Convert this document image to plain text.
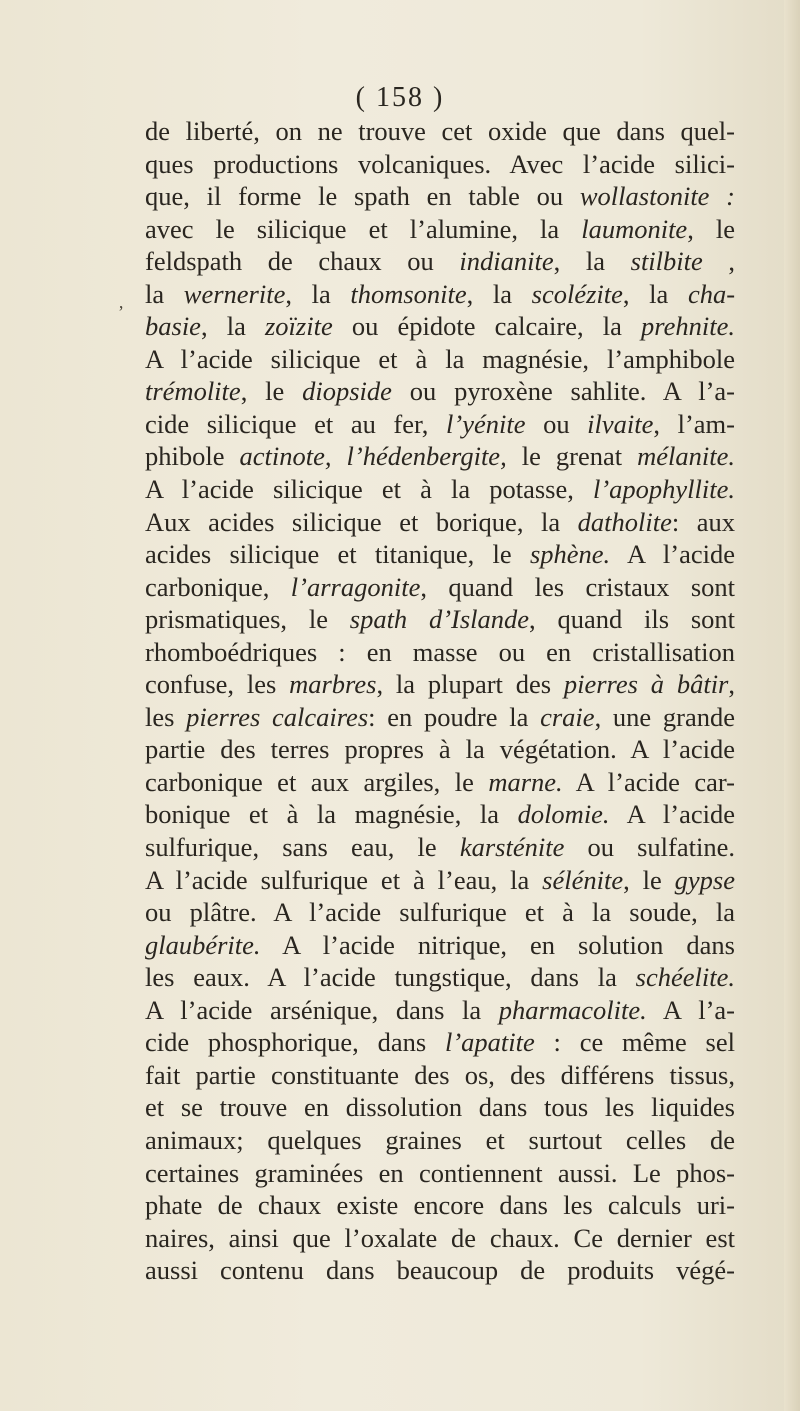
( 158 )
’
de liberté, on ne trouve cet oxide que dans quel-
ques productions volcaniques. Avec l’acide silici-
que, il forme le spath en table ou wollastonite :
avec le silicique et l’alumine, la laumonite, le
feldspath de chaux ou indianite, la stilbite ,
la wernerite, la thomsonite, la scolézite, la cha-
basie, la zoïzite ou épidote calcaire, la prehnite.
A l’acide silicique et à la magnésie, l’amphibole
trémolite, le diopside ou pyroxène sahlite. A l’a-
cide silicique et au fer, l’yénite ou ilvaite, l’am-
phibole actinote, l’hédenbergite, le grenat mélanite.
A l’acide silicique et à la potasse, l’apophyllite.
Aux acides silicique et borique, la datholite: aux
acides silicique et titanique, le sphène. A l’acide
carbonique, l’arragonite, quand les cristaux sont
prismatiques, le spath d’Islande, quand ils sont
rhomboédriques : en masse ou en cristallisation
confuse, les marbres, la plupart des pierres à bâtir,
les pierres calcaires: en poudre la craie, une grande
partie des terres propres à la végétation. A l’acide
carbonique et aux argiles, le marne. A l’acide car-
bonique et à la magnésie, la dolomie. A l’acide
sulfurique, sans eau, le karsténite ou sulfatine.
A l’acide sulfurique et à l’eau, la sélénite, le gypse
ou plâtre. A l’acide sulfurique et à la soude, la
glaubérite. A l’acide nitrique, en solution dans
les eaux. A l’acide tungstique, dans la schéelite.
A l’acide arsénique, dans la pharmacolite. A l’a-
cide phosphorique, dans l’apatite : ce même sel
fait partie constituante des os, des différens tissus,
et se trouve en dissolution dans tous les liquides
animaux; quelques graines et surtout celles de
certaines graminées en contiennent aussi. Le phos-
phate de chaux existe encore dans les calculs uri-
naires, ainsi que l’oxalate de chaux. Ce dernier est
aussi contenu dans beaucoup de produits végé-
